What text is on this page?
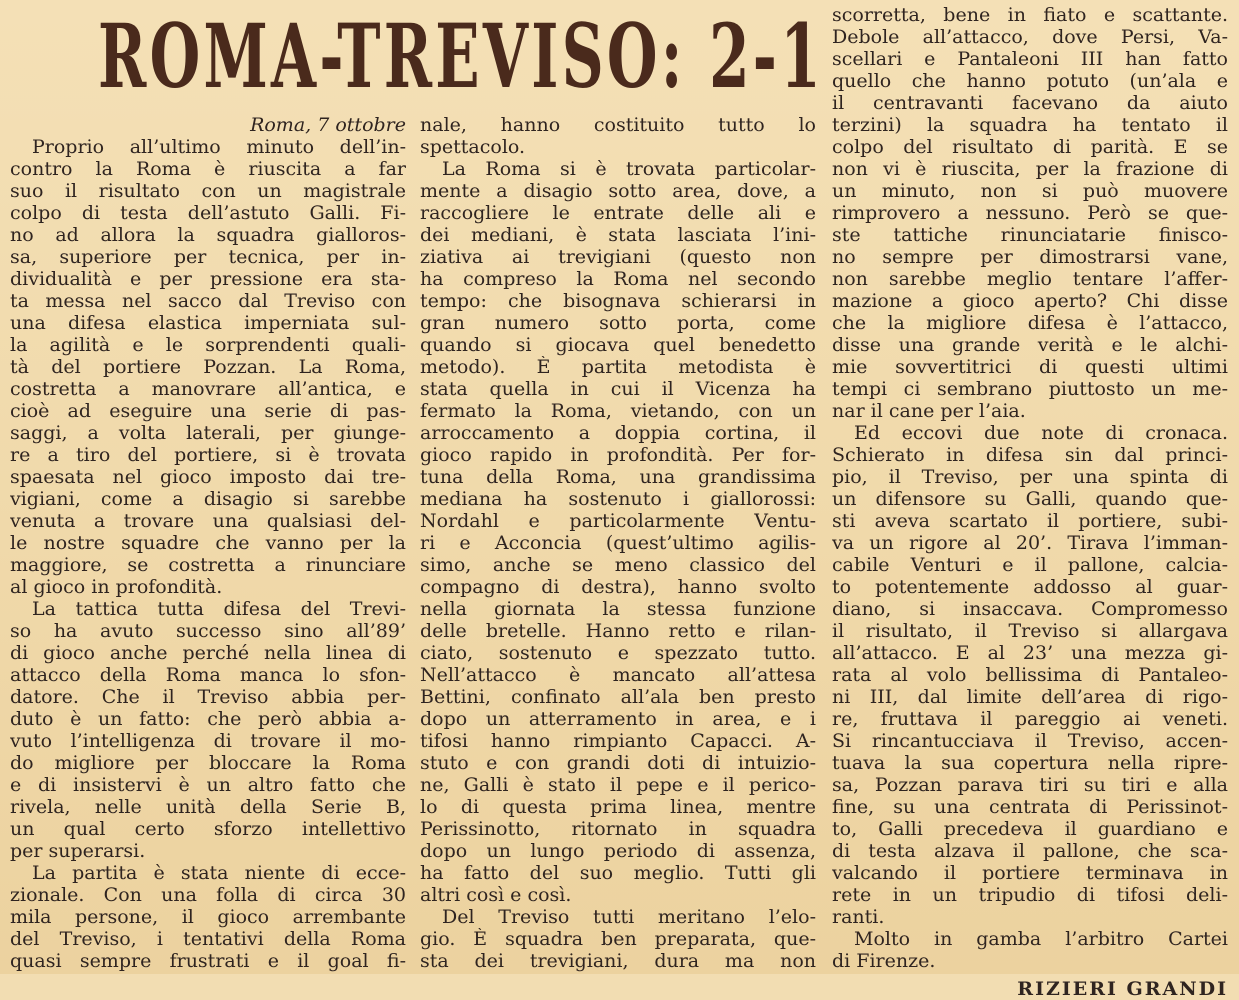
ROMA-TREVISO: 2-1
Roma, 7 ottobre
Proprio all’ultimo minuto dell’in-
contro la Roma è riuscita a far
suo il risultato con un magistrale
colpo di testa dell’astuto Galli. Fi-
no ad allora la squadra gialloros-
sa, superiore per tecnica, per in-
dividualità e per pressione era sta-
ta messa nel sacco dal Treviso con
una difesa elastica imperniata sul-
la agilità e le sorprendenti quali-
tà del portiere Pozzan. La Roma,
costretta a manovrare all’antica, e
cioè ad eseguire una serie di pas-
saggi, a volta laterali, per giunge-
re a tiro del portiere, si è trovata
spaesata nel gioco imposto dai tre-
vigiani, come a disagio si sarebbe
venuta a trovare una qualsiasi del-
le nostre squadre che vanno per la
maggiore, se costretta a rinunciare
al gioco in profondità.
La tattica tutta difesa del Trevi-
so ha avuto successo sino all’89’
di gioco anche perché nella linea di
attacco della Roma manca lo sfon-
datore. Che il Treviso abbia per-
duto è un fatto: che però abbia a-
vuto l’intelligenza di trovare il mo-
do migliore per bloccare la Roma
e di insistervi è un altro fatto che
rivela, nelle unità della Serie B,
un qual certo sforzo intellettivo
per superarsi.
La partita è stata niente di ecce-
zionale. Con una folla di circa 30
mila persone, il gioco arrembante
del Treviso, i tentativi della Roma
quasi sempre frustrati e il goal fi-
nale, hanno costituito tutto lo
spettacolo.
La Roma si è trovata particolar-
mente a disagio sotto area, dove, a
raccogliere le entrate delle ali e
dei mediani, è stata lasciata l’ini-
ziativa ai trevigiani (questo non
ha compreso la Roma nel secondo
tempo: che bisognava schierarsi in
gran numero sotto porta, come
quando si giocava quel benedetto
metodo). È partita metodista è
stata quella in cui il Vicenza ha
fermato la Roma, vietando, con un
arroccamento a doppia cortina, il
gioco rapido in profondità. Per for-
tuna della Roma, una grandissima
mediana ha sostenuto i giallorossi:
Nordahl e particolarmente Ventu-
ri e Acconcia (quest’ultimo agilis-
simo, anche se meno classico del
compagno di destra), hanno svolto
nella giornata la stessa funzione
delle bretelle. Hanno retto e rilan-
ciato, sostenuto e spezzato tutto.
Nell’attacco è mancato all’attesa
Bettini, confinato all’ala ben presto
dopo un atterramento in area, e i
tifosi hanno rimpianto Capacci. A-
stuto e con grandi doti di intuizio-
ne, Galli è stato il pepe e il perico-
lo di questa prima linea, mentre
Perissinotto, ritornato in squadra
dopo un lungo periodo di assenza,
ha fatto del suo meglio. Tutti gli
altri così e così.
Del Treviso tutti meritano l’elo-
gio. È squadra ben preparata, que-
sta dei trevigiani, dura ma non
scorretta, bene in fiato e scattante.
Debole all’attacco, dove Persi, Va-
scellari e Pantaleoni III han fatto
quello che hanno potuto (un’ala e
il centravanti facevano da aiuto
terzini) la squadra ha tentato il
colpo del risultato di parità. E se
non vi è riuscita, per la frazione di
un minuto, non si può muovere
rimprovero a nessuno. Però se que-
ste tattiche rinunciatarie finisco-
no sempre per dimostrarsi vane,
non sarebbe meglio tentare l’affer-
mazione a gioco aperto? Chi disse
che la migliore difesa è l’attacco,
disse una grande verità e le alchi-
mie sovvertitrici di questi ultimi
tempi ci sembrano piuttosto un me-
nar il cane per l’aia.
Ed eccovi due note di cronaca.
Schierato in difesa sin dal princi-
pio, il Treviso, per una spinta di
un difensore su Galli, quando que-
sti aveva scartato il portiere, subi-
va un rigore al 20’. Tirava l’imman-
cabile Venturi e il pallone, calcia-
to potentemente addosso al guar-
diano, si insaccava. Compromesso
il risultato, il Treviso si allargava
all’attacco. E al 23’ una mezza gi-
rata al volo bellissima di Pantaleo-
ni III, dal limite dell’area di rigo-
re, fruttava il pareggio ai veneti.
Si rincantucciava il Treviso, accen-
tuava la sua copertura nella ripre-
sa, Pozzan parava tiri su tiri e alla
fine, su una centrata di Perissinot-
to, Galli precedeva il guardiano e
di testa alzava il pallone, che sca-
valcando il portiere terminava in
rete in un tripudio di tifosi deli-
ranti.
Molto in gamba l’arbitro Cartei
di Firenze.
RIZIERI GRANDI
